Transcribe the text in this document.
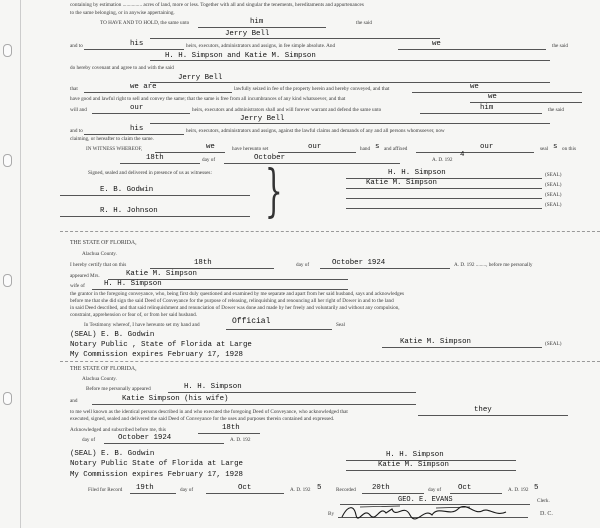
containing by estimation ............... acres of land, more or less. Together with all and singular the tenements, hereditaments and appurtenances
to the same belonging, or in anywise appertaining.
TO HAVE AND TO HOLD, the same unto	him	the said
Jerry Bell
and to	his	heirs, executors, administrators and assigns, in fee simple absolute. And	we	the said
H. H. Simpson and Katie M. Simpson
do hereby covenant and agree to and with the said
Jerry Bell
that	we are	lawfully seized in fee of the property herein and hereby conveyed, and that	we
have good and lawful right to sell and convey the same; that the same is free from all incumbrances of any kind whatsoever, and that	we
will and	our	heirs, executors and administrators shall and will forever warrant and defend the same unto	him	the said
Jerry Bell
and to	his	heirs, executors, administrators and assigns, against the lawful claims and demands of any and all persons whomsoever, now
claiming, or hereafter to claim the same.
IN WITNESS WHEREOF,	we	have hereunto set	our	hand s and affixed	our	seal s on this
18th	day of	October	A. D. 192
4
Signed, sealed and delivered in presence of us as witnesses:
E. B. Godwin
R. H. Johnson }	H. H. Simpson	(SEAL)
Katie M. Simpson	(SEAL)
(SEAL)
(SEAL)
THE STATE OF FLORIDA,
Alachua County.
I hereby certify that on this	18th	day of	October 1924	A. D. 192 ........, before me personally
appeared Mrs.	Katie M. Simpson
wife of	H. H. Simpson
the grantor in the foregoing conveyance, who, being first duly questioned and examined by me separate and apart from her said husband, says and acknowledges
before me that she did sign the said Deed of Conveyance for the purpose of releasing, relinquishing and renouncing all her right of Dower in and to the land
in said Deed described, and that said relinquishment and renunciation of Dower was done and made by her freely and voluntarily and without any compulsion,
constraint, apprehension or fear of, or from her said husband.
In Testimony whereof, I have hereunto set my hand and	Official	Seal
(SEAL) E. B. Godwin
Notary Public , State of Florida at Large
My Commission expires February 17, 1928
Katie M. Simpson	(SEAL)
THE STATE OF FLORIDA,
Alachua County.
Before me personally appeared	H. H. Simpson
and	Katie Simpson (his wife)
to me well known as the identical persons described in and who executed the foregoing Deed of Conveyance, who acknowledged that	they
executed, signed, sealed and delivered the said Deed of Conveyance for the uses and purposes therein contained and expressed.
Acknowledged and subscribed before me, this	18th
day of	October 1924	A. D. 192
(SEAL) E. B. Godwin
Notary Public State of Florida at Large
My Commission expires February 17, 1928
H. H. Simpson
Katie M. Simpson
Filed for Record 19th	day of	Oct	A. D. 192 5	Recorded 20th	day of Oct	A. D. 192 5
GEO. E. EVANS	Clerk.
By	D. C.
